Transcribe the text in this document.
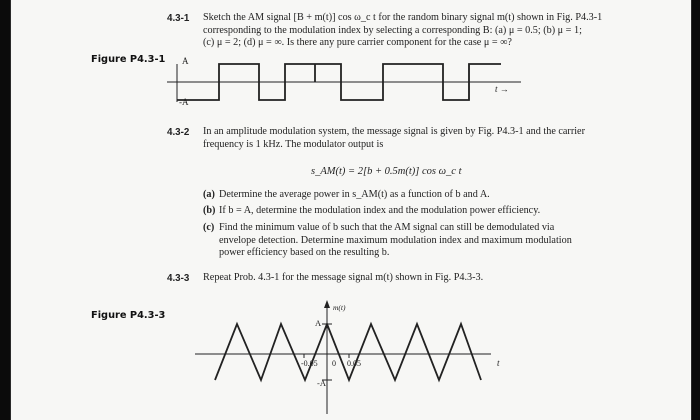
4.3-1 Sketch the AM signal [B + m(t)] cos ω_c t for the random binary signal m(t) shown in Fig. P4.3-1
corresponding to the modulation index by selecting a corresponding B: (a) μ = 0.5; (b) μ = 1;
(c) μ = 2; (d) μ = ∞. Is there any pure carrier component for the case μ = ∞?
Figure P4.3-1 A
-A
t →
4.3-2 In an amplitude modulation system, the message signal is given by Fig. P4.3-1 and the carrier
frequency is 1 kHz. The modulator output is
s_AM(t) = 2[b + 0.5m(t)] cos ω_c t
(a) Determine the average power in s_AM(t) as a function of b and A.
(b) If b = A, determine the modulation index and the modulation power efficiency.
(c) Find the minimum value of b such that the AM signal can still be demodulated via
envelope detection. Determine maximum modulation index and maximum modulation
power efficiency based on the resulting b.
4.3-3 Repeat Prob. 4.3-1 for the message signal m(t) shown in Fig. P4.3-3.
Figure P4.3-3
m(t)
A
-A
-0.05 0 0.05	t
